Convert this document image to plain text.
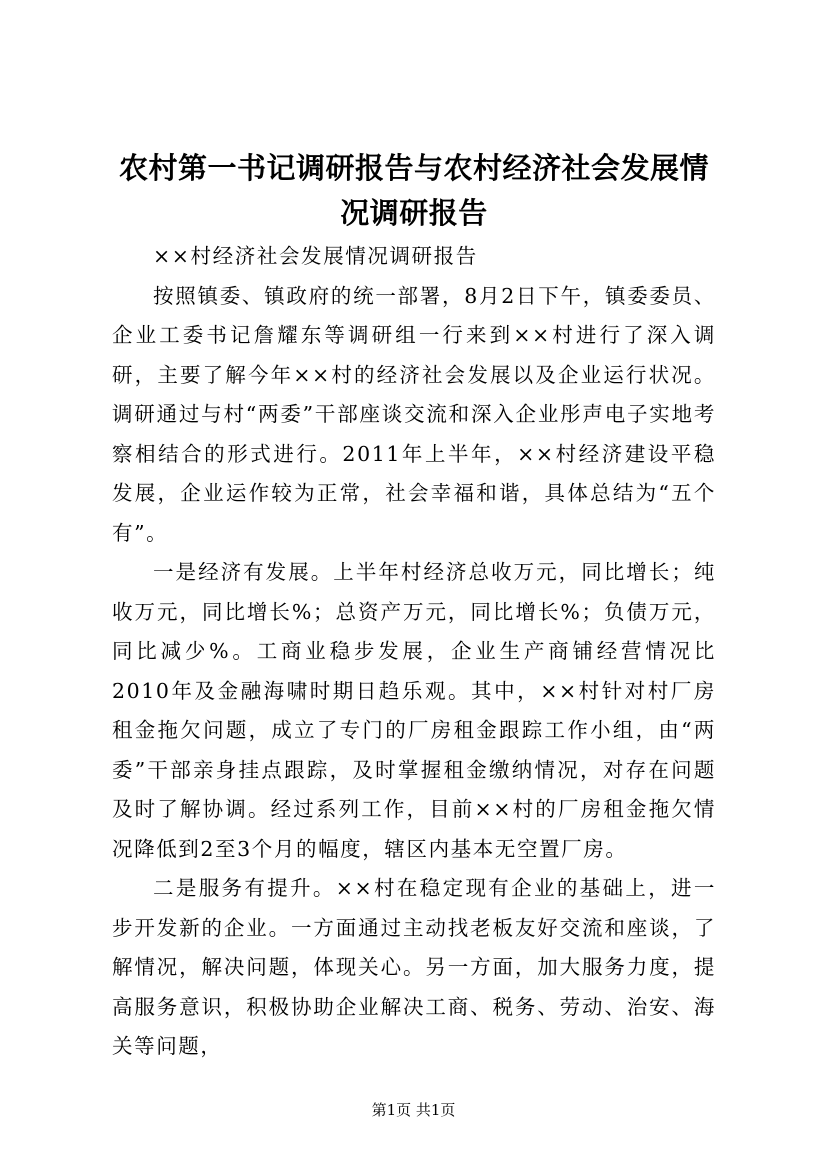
农村第一书记调研报告与农村经济社会发展情况调研报告

××村经济社会发展情况调研报告

按照镇委、镇政府的统一部署，8月2日下午，镇委委员、企业工委书记詹耀东等调研组一行来到××村进行了深入调研，主要了解今年××村的经济社会发展以及企业运行状况。调研通过与村“两委”干部座谈交流和深入企业彤声电子实地考察相结合的形式进行。2011年上半年，××村经济建设平稳发展，企业运作较为正常，社会幸福和谐，具体总结为“五个有”。

一是经济有发展。上半年村经济总收万元，同比增长；纯收万元，同比增长%；总资产万元，同比增长%；负债万元，同比减少%。工商业稳步发展，企业生产商铺经营情况比2010年及金融海啸时期日趋乐观。其中，××村针对村厂房租金拖欠问题，成立了专门的厂房租金跟踪工作小组，由“两委”干部亲身挂点跟踪，及时掌握租金缴纳情况，对存在问题及时了解协调。经过系列工作，目前××村的厂房租金拖欠情况降低到2至3个月的幅度，辖区内基本无空置厂房。

二是服务有提升。××村在稳定现有企业的基础上，进一步开发新的企业。一方面通过主动找老板友好交流和座谈，了解情况，解决问题，体现关心。另一方面，加大服务力度，提高服务意识，积极协助企业解决工商、税务、劳动、治安、海关等问题，

第1页 共1页
